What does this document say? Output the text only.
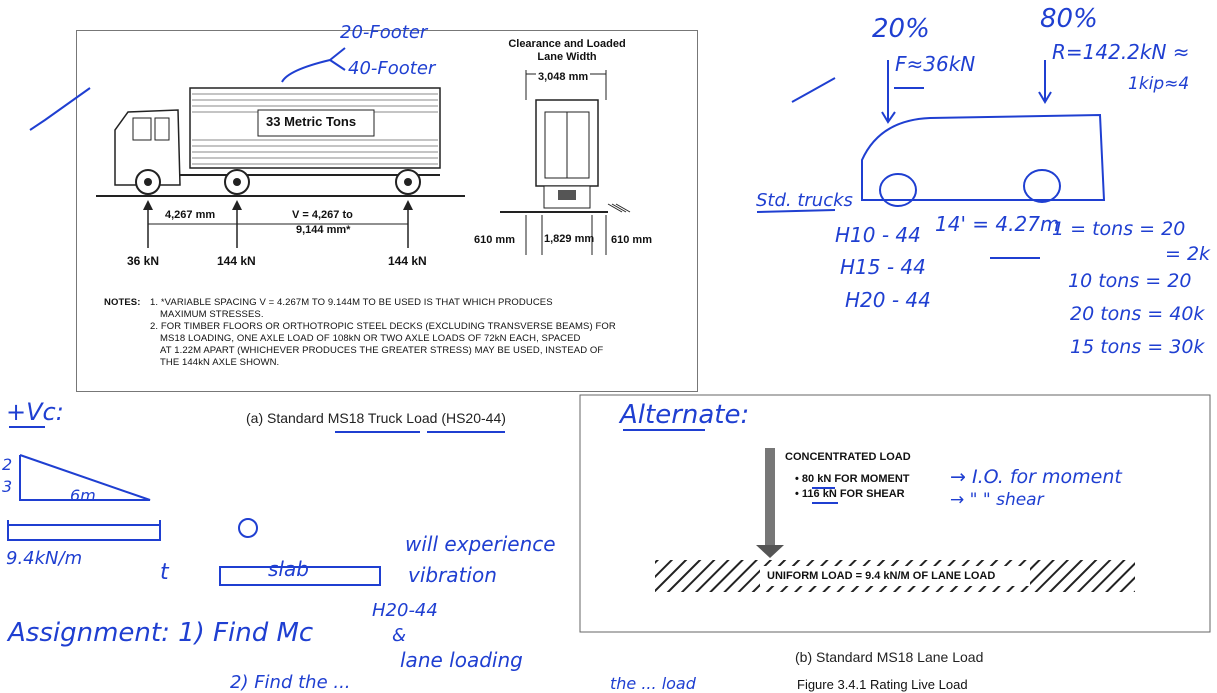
33 Metric Tons
Clearance and Loaded
Lane Width
3,048 mm
4,267 mm	V = 4,267 to
9,144 mm*
36 kN	144 kN	144 kN
610 mm	1,829 mm 610 mm
NOTES: 1. *VARIABLE SPACING V = 4.267M TO 9.144M TO BE USED IS THAT WHICH PRODUCES
MAXIMUM STRESSES.
2. FOR TIMBER FLOORS OR ORTHOTROPIC STEEL DECKS (EXCLUDING TRANSVERSE BEAMS) FOR
MS18 LOADING, ONE AXLE LOAD OF 108kN OR TWO AXLE LOADS OF 72kN EACH, SPACED
AT 1.22M APART (WHICHEVER PRODUCES THE GREATER STRESS) MAY BE USED, INSTEAD OF
THE 144kN AXLE SHOWN.
(a) Standard MS18 Truck Load (HS20-44)
CONCENTRATED LOAD
• 80 kN FOR MOMENT
• 116 kN FOR SHEAR
UNIFORM LOAD = 9.4 kN/M OF LANE LOAD
(b) Standard MS18 Lane Load
Figure 3.4.1 Rating Live Load
20-Footer
40-Footer
20%	80%
F≈36kN	R=142.2kN ≈
1kip≈4
Std. trucks
H10 - 44
H15 - 44
H20 - 44
14' = 4.27m
1 = tons = 20
= 2k
10 tons = 20
20 tons = 40k
15 tons = 30k
Alternate:
→ I.O. for moment
→ " " shear
+Vc:
2
3	6m
9.4kN/m
t	slab
will experience
vibration
Assignment: 1) Find Mc
H20-44
&
lane loading
2) Find the ...	the ... load
